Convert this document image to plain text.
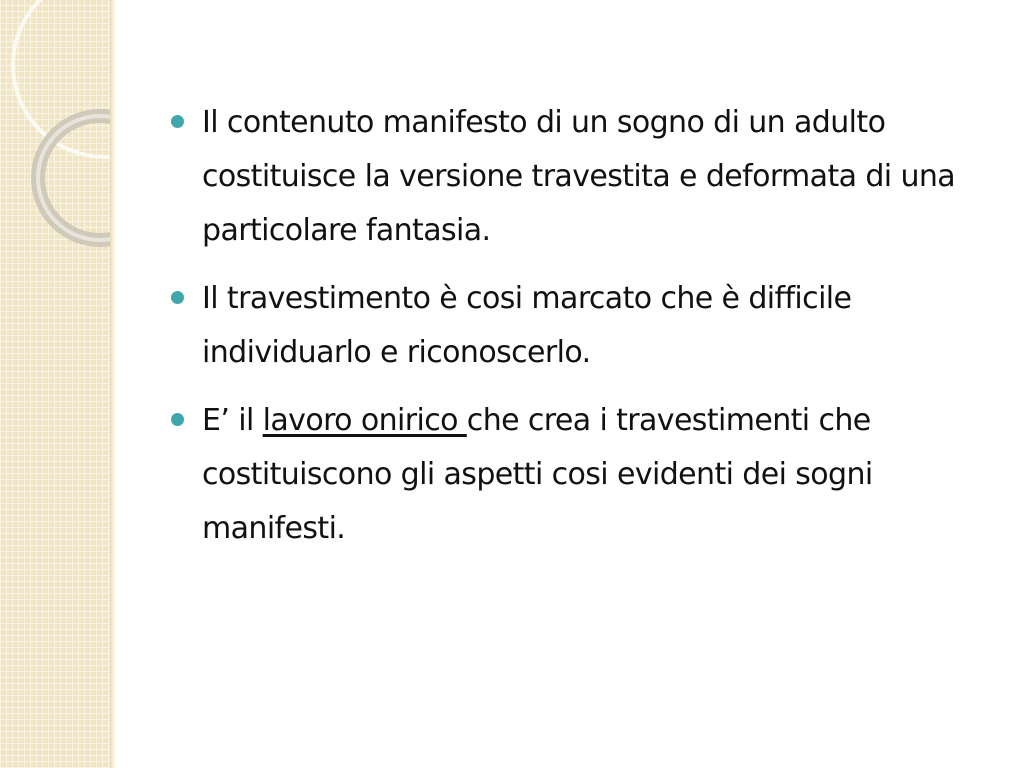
Il contenuto manifesto di un sogno di un adulto costituisce la versione travestita e deformata di una particolare fantasia.
Il travestimento è cosi marcato che è difficile individuarlo e riconoscerlo.
E’ il lavoro onirico che crea i travestimenti che costituiscono gli aspetti cosi evidenti dei sogni manifesti.
